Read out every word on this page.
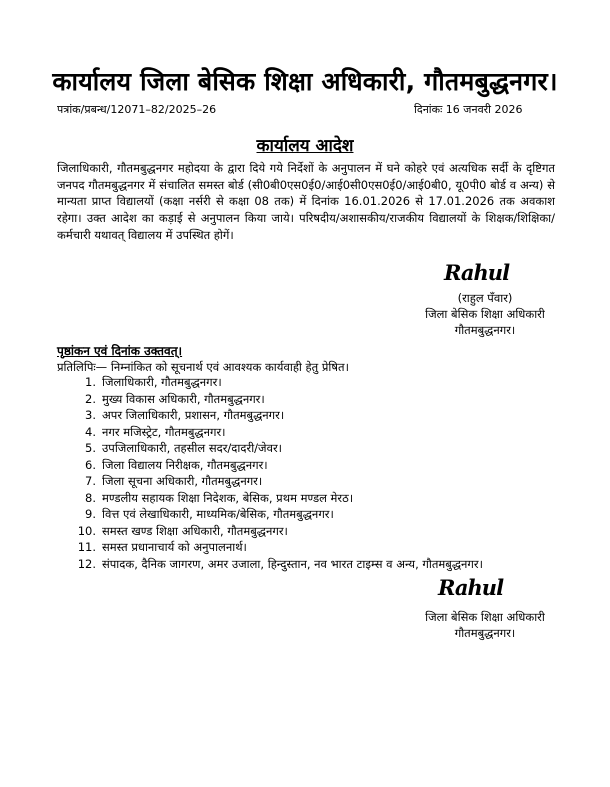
कार्यालय जिला बेसिक शिक्षा अधिकारी, गौतमबुद्धनगर।
पत्रांक/प्रबन्ध/12071–82/2025–26	दिनांकः 16 जनवरी 2026
कार्यालय आदेश
जिलाधिकारी, गौतमबुद्धनगर महोदया के द्वारा दिये गये निर्देशों के अनुपालन में घने कोहरे एवं अत्यधिक सर्दी के दृष्टिगत जनपद गौतमबुद्धनगर में संचालित समस्त बोर्ड (सी0बी0एस0ई0/आई0सी0एस0ई0/आई0बी0, यू0पी0 बोर्ड व अन्य) से मान्यता प्राप्त विद्यालयों (कक्षा नर्सरी से कक्षा 08 तक) में दिनांक 16.01.2026 से 17.01.2026 तक अवकाश रहेगा। उक्त आदेश का कड़ाई से अनुपालन किया जाये। परिषदीय/अशासकीय/राजकीय विद्यालयों के शिक्षक/शिक्षिका/कर्मचारी यथावत् विद्यालय में उपस्थित होगें।
Rahul
(राहुल पँवार)
जिला बेसिक शिक्षा अधिकारी
गौतमबुद्धनगर।
पृष्ठांकन एवं दिनांक उक्तवत्।
प्रतिलिपिः— निम्नांकित को सूचनार्थ एवं आवश्यक कार्यवाही हेतु प्रेषित।
1. जिलाधिकारी, गौतमबुद्धनगर।
2. मुख्य विकास अधिकारी, गौतमबुद्धनगर।
3. अपर जिलाधिकारी, प्रशासन, गौतमबुद्धनगर।
4. नगर मजिस्ट्रेट, गौतमबुद्धनगर।
5. उपजिलाधिकारी, तहसील सदर/दादरी/जेवर।
6. जिला विद्यालय निरीक्षक, गौतमबुद्धनगर।
7. जिला सूचना अधिकारी, गौतमबुद्धनगर।
8. मण्डलीय सहायक शिक्षा निदेशक, बेसिक, प्रथम मण्डल मेरठ।
9. वित्त एवं लेखाधिकारी, माध्यमिक/बेसिक, गौतमबुद्धनगर।
10. समस्त खण्ड शिक्षा अधिकारी, गौतमबुद्धनगर।
11. समस्त प्रधानाचार्य को अनुपालनार्थ।
12. संपादक, दैनिक जागरण, अमर उजाला, हिन्दुस्तान, नव भारत टाइम्स व अन्य, गौतमबुद्धनगर।
Rahul
जिला बेसिक शिक्षा अधिकारी
गौतमबुद्धनगर।
